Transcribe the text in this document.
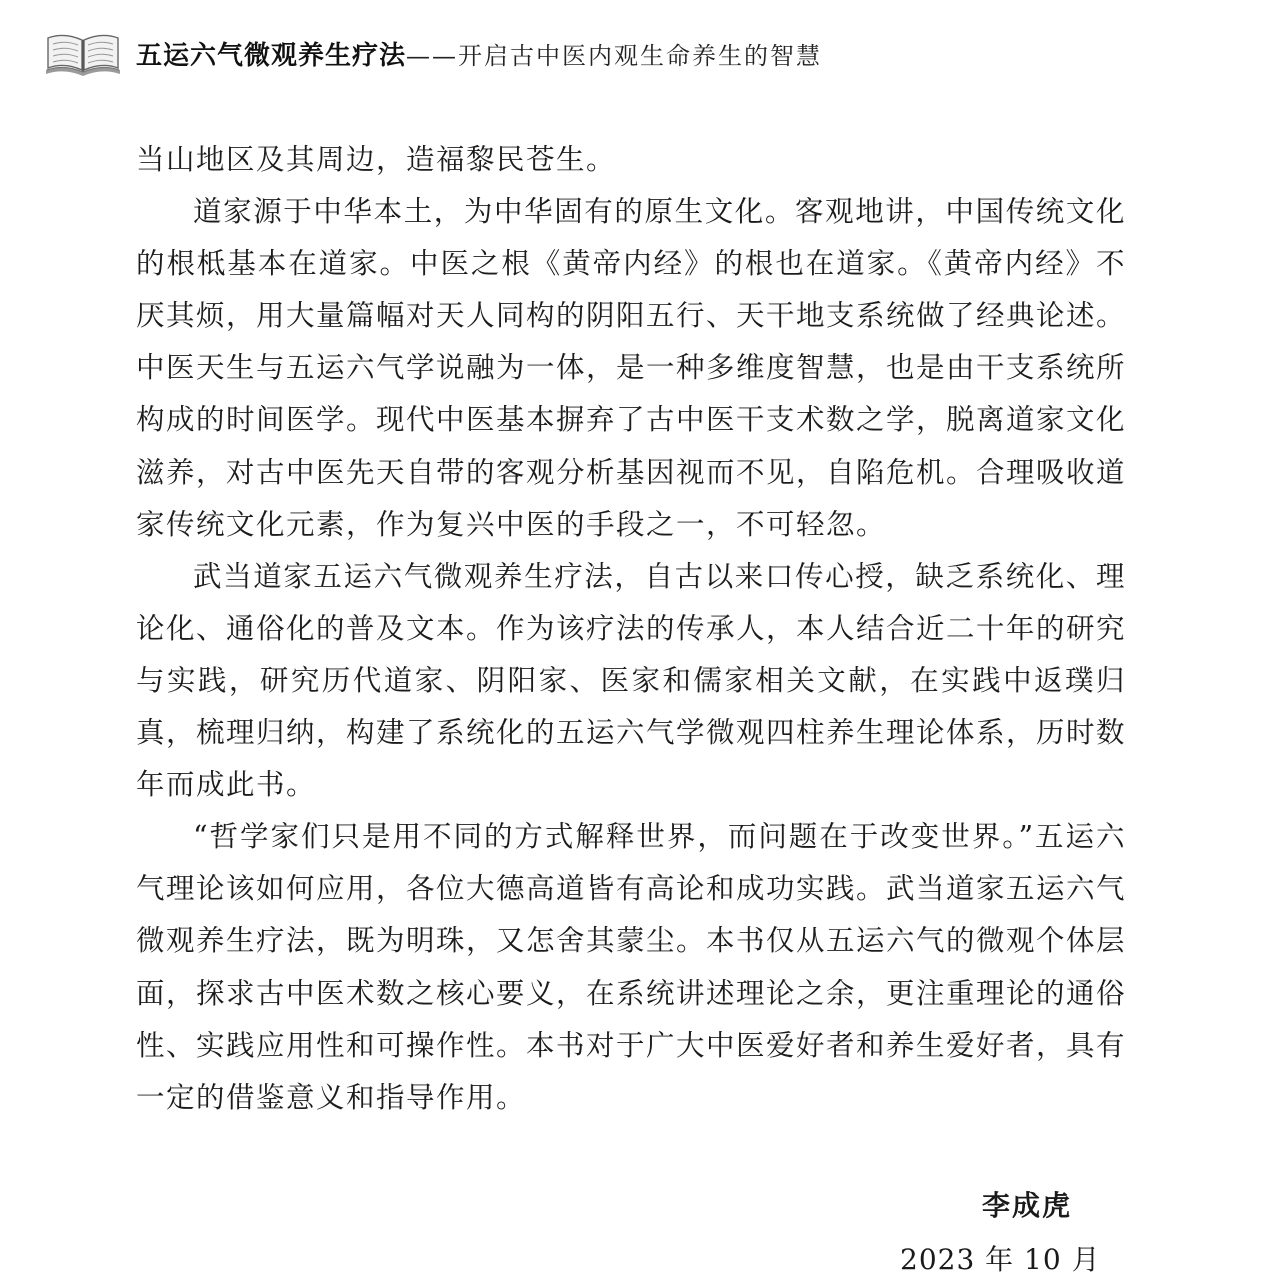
五运六气微观养生疗法 ——开启古中医内观生命养生的智慧

当山地区及其周边，造福黎民苍生。

道家源于中华本土，为中华固有的原生文化。客观地讲，中国传统文化的根柢基本在道家。中医之根《黄帝内经》的根也在道家。《黄帝内经》不厌其烦，用大量篇幅对天人同构的阴阳五行、天干地支系统做了经典论述。中医天生与五运六气学说融为一体，是一种多维度智慧，也是由干支系统所构成的时间医学。现代中医基本摒弃了古中医干支术数之学，脱离道家文化滋养，对古中医先天自带的客观分析基因视而不见，自陷危机。合理吸收道家传统文化元素，作为复兴中医的手段之一，不可轻忽。

武当道家五运六气微观养生疗法，自古以来口传心授，缺乏系统化、理论化、通俗化的普及文本。作为该疗法的传承人，本人结合近二十年的研究与实践，研究历代道家、阴阳家、医家和儒家相关文献，在实践中返璞归真，梳理归纳，构建了系统化的五运六气学微观四柱养生理论体系，历时数年而成此书。

“哲学家们只是用不同的方式解释世界，而问题在于改变世界。”五运六气理论该如何应用，各位大德高道皆有高论和成功实践。武当道家五运六气微观养生疗法，既为明珠，又怎舍其蒙尘。本书仅从五运六气的微观个体层面，探求古中医术数之核心要义，在系统讲述理论之余，更注重理论的通俗性、实践应用性和可操作性。本书对于广大中医爱好者和养生爱好者，具有一定的借鉴意义和指导作用。

李成虎
2023 年 10 月
